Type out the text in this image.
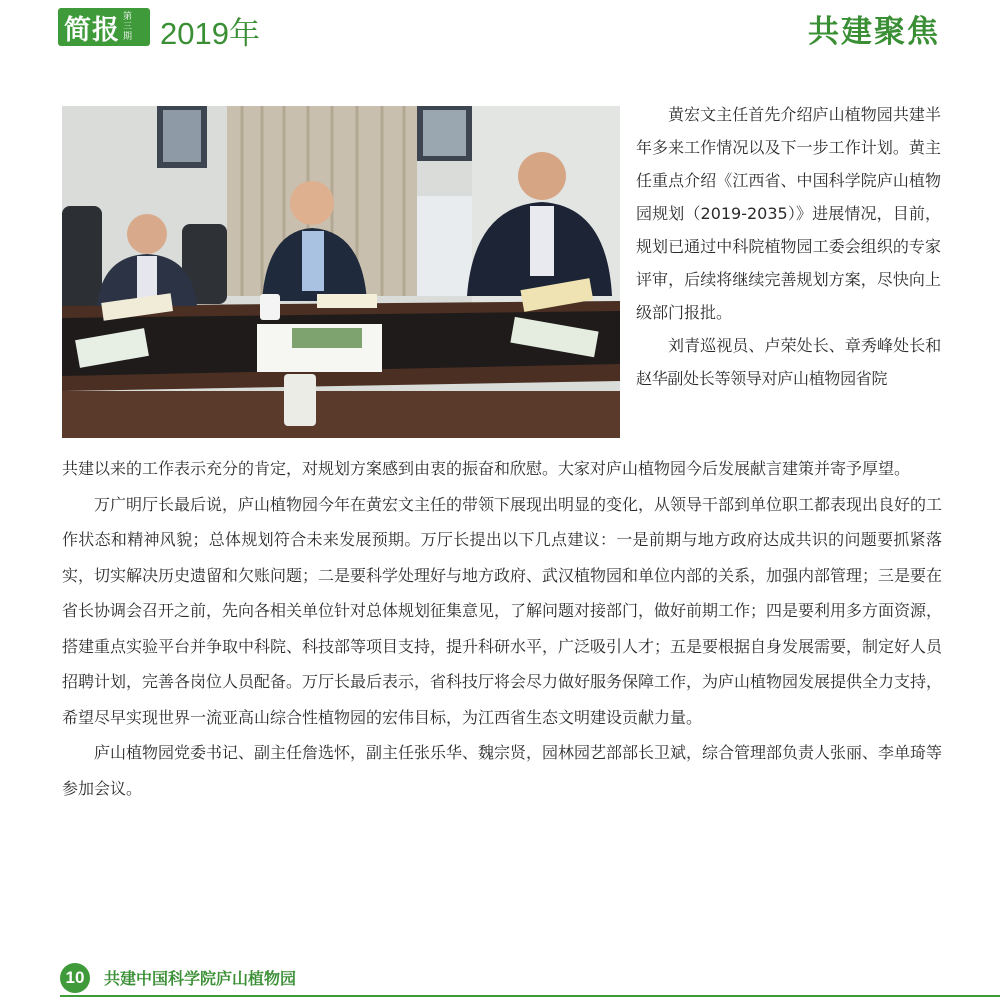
简报 第
三
期 2019年	共建聚焦

黄宏文主任首先介绍庐山植物园共建半年多来工作情况以及下一步工作计划。黄主任重点介绍《江西省、中国科学院庐山植物园规划（2019-2035）》进展情况，目前，规划已通过中科院植物园工委会组织的专家评审，后续将继续完善规划方案，尽快向上级部门报批。

刘青巡视员、卢荣处长、章秀峰处长和赵华副处长等领导对庐山植物园省院

共建以来的工作表示充分的肯定，对规划方案感到由衷的振奋和欣慰。大家对庐山植物园今后发展献言建策并寄予厚望。

万广明厅长最后说，庐山植物园今年在黄宏文主任的带领下展现出明显的变化，从领导干部到单位职工都表现出良好的工作状态和精神风貌；总体规划符合未来发展预期。万厅长提出以下几点建议：一是前期与地方政府达成共识的问题要抓紧落实，切实解决历史遗留和欠账问题；二是要科学处理好与地方政府、武汉植物园和单位内部的关系，加强内部管理；三是要在省长协调会召开之前，先向各相关单位针对总体规划征集意见，了解问题对接部门，做好前期工作；四是要利用多方面资源，搭建重点实验平台并争取中科院、科技部等项目支持，提升科研水平，广泛吸引人才；五是要根据自身发展需要，制定好人员招聘计划，完善各岗位人员配备。万厅长最后表示，省科技厅将会尽力做好服务保障工作，为庐山植物园发展提供全力支持，希望尽早实现世界一流亚高山综合性植物园的宏伟目标，为江西省生态文明建设贡献力量。

庐山植物园党委书记、副主任詹选怀，副主任张乐华、魏宗贤，园林园艺部部长卫斌，综合管理部负责人张丽、李单琦等参加会议。

10	共建中国科学院庐山植物园
